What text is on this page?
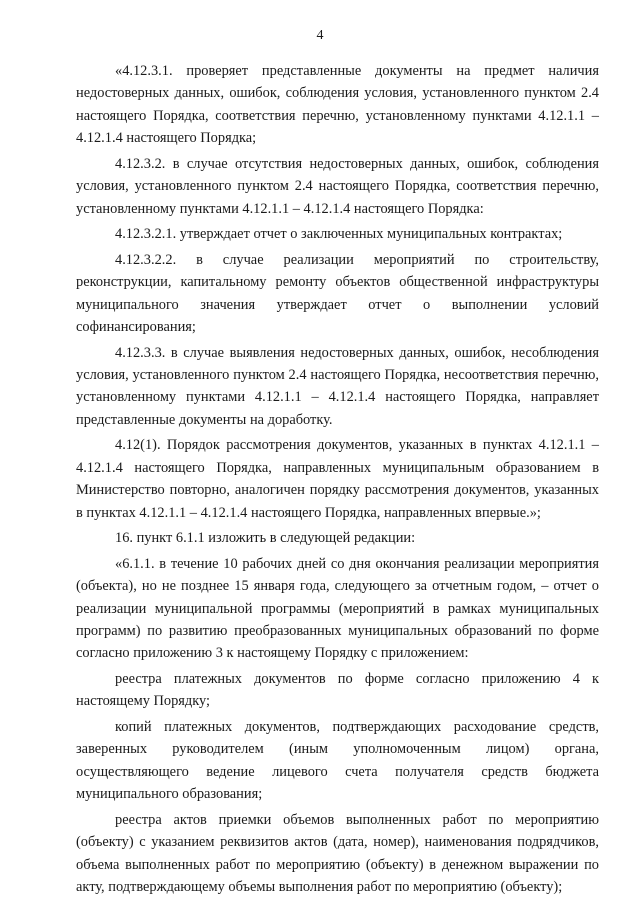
4

«4.12.3.1. проверяет представленные документы на предмет наличия недостоверных данных, ошибок, соблюдения условия, установленного пунктом 2.4 настоящего Порядка, соответствия перечню, установленному пунктами 4.12.1.1 – 4.12.1.4 настоящего Порядка;

4.12.3.2. в случае отсутствия недостоверных данных, ошибок, соблюдения условия, установленного пунктом 2.4 настоящего Порядка, соответствия перечню, установленному пунктами 4.12.1.1 – 4.12.1.4 настоящего Порядка:

4.12.3.2.1. утверждает отчет о заключенных муниципальных контрактах;

4.12.3.2.2. в случае реализации мероприятий по строительству, реконструкции, капитальному ремонту объектов общественной инфраструктуры муниципального значения утверждает отчет о выполнении условий софинансирования;

4.12.3.3. в случае выявления недостоверных данных, ошибок, несоблюдения условия, установленного пунктом 2.4 настоящего Порядка, несоответствия перечню, установленному пунктами 4.12.1.1 – 4.12.1.4 настоящего Порядка, направляет представленные документы на доработку.

4.12(1). Порядок рассмотрения документов, указанных в пунктах 4.12.1.1 – 4.12.1.4 настоящего Порядка, направленных муниципальным образованием в Министерство повторно, аналогичен порядку рассмотрения документов, указанных в пунктах 4.12.1.1 – 4.12.1.4 настоящего Порядка, направленных впервые.»;

16. пункт 6.1.1 изложить в следующей редакции:

«6.1.1. в течение 10 рабочих дней со дня окончания реализации мероприятия (объекта), но не позднее 15 января года, следующего за отчетным годом, – отчет о реализации муниципальной программы (мероприятий в рамках муниципальных программ) по развитию преобразованных муниципальных образований по форме согласно приложению 3 к настоящему Порядку с приложением:

реестра платежных документов по форме согласно приложению 4 к настоящему Порядку;

копий платежных документов, подтверждающих расходование средств, заверенных руководителем (иным уполномоченным лицом) органа, осуществляющего ведение лицевого счета получателя средств бюджета муниципального образования;

реестра актов приемки объемов выполненных работ по мероприятию (объекту) с указанием реквизитов актов (дата, номер), наименования подрядчиков, объема выполненных работ по мероприятию (объекту) в денежном выражении по акту, подтверждающему объемы выполнения работ по мероприятию (объекту);
